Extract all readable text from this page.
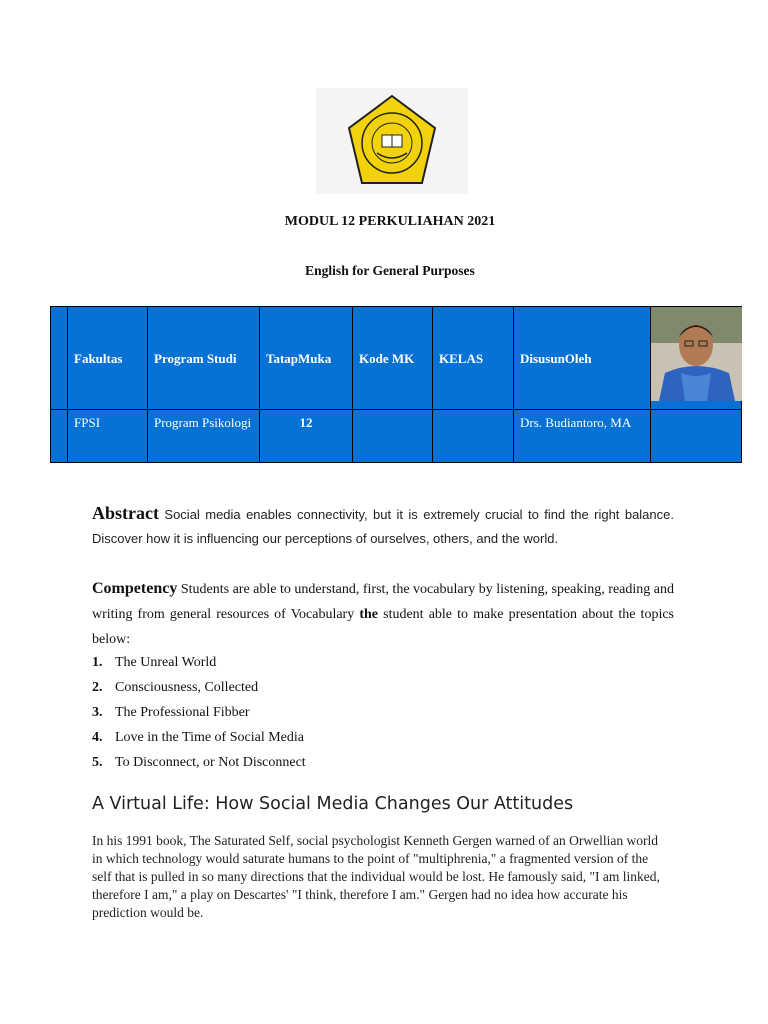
MODUL 12 PERKULIAHAN 2021
English for General Purposes
	Fakultas	Program Studi	TatapMuka	Kode MK	KELAS	DisusunOleh	
	FPSI	Program Psikologi	12			Drs. Budiantoro, MA	
Abstract Social media enables connectivity, but it is extremely crucial to find the right balance. Discover how it is influencing our perceptions of ourselves, others, and the world.
Competency Students are able to understand, first, the vocabulary by listening, speaking, reading and writing from general resources of Vocabulary the student able to make presentation about the topics below:
1. The Unreal World
2. Consciousness, Collected
3. The Professional Fibber
4. Love in the Time of Social Media
5. To Disconnect, or Not Disconnect
A Virtual Life: How Social Media Changes Our Attitudes
In his 1991 book, The Saturated Self, social psychologist Kenneth Gergen warned of an Orwellian world in which technology would saturate humans to the point of "multiphrenia," a fragmented version of the self that is pulled in so many directions that the individual would be lost. He famously said, "I am linked, therefore I am," a play on Descartes' "I think, therefore I am." Gergen had no idea how accurate his prediction would be.
